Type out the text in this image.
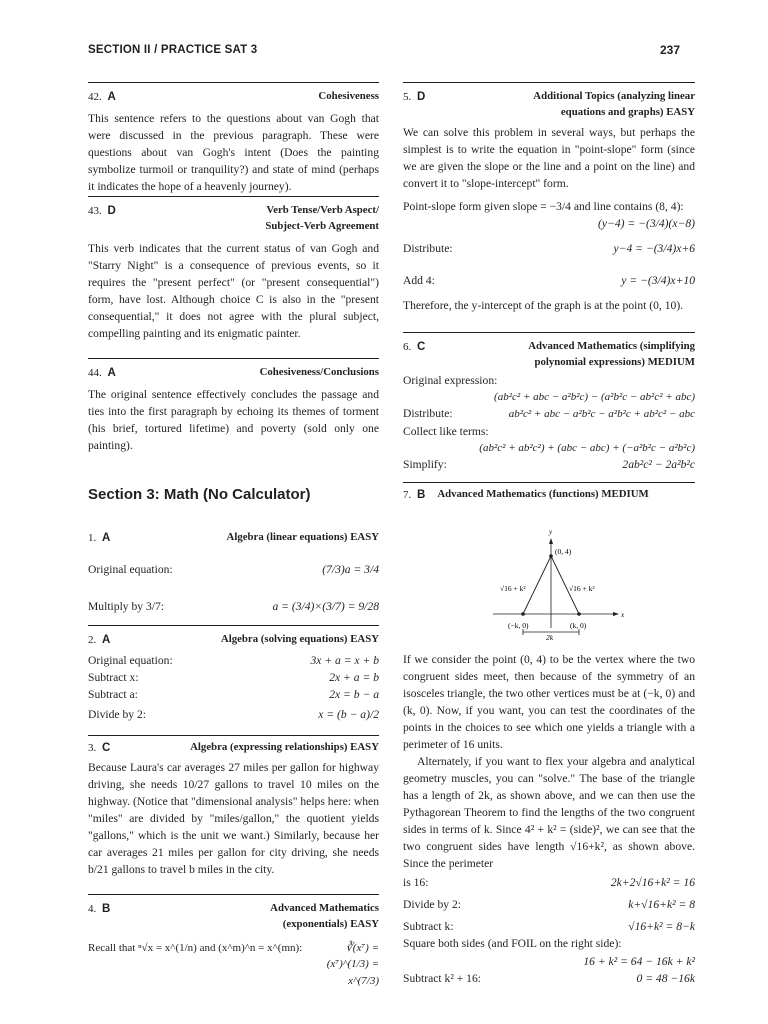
SECTION II / PRACTICE SAT 3	237
42. A	Cohesiveness
This sentence refers to the questions about van Gogh that were discussed in the previous paragraph. These were questions about van Gogh's intent (Does the painting symbolize turmoil or tranquility?) and state of mind (perhaps it indicates the hope of a heavenly journey).
43. D	Verb Tense/Verb Aspect/
Subject-Verb Agreement
This verb indicates that the current status of van Gogh and "Starry Night" is a consequence of previous events, so it requires the "present perfect" (or "present consequential") form, have lost. Although choice C is also in the "present consequential," it does not agree with the plural subject, compelling painting and its enigmatic painter.
44. A	Cohesiveness/Conclusions
The original sentence effectively concludes the passage and ties into the first paragraph by echoing its themes of torment (his brief, tortured lifetime) and poverty (sold only one painting).
Section 3: Math (No Calculator)
1. A	Algebra (linear equations) EASY
Original equation:	(7/3)a = 3/4
Multiply by 3/7:	a = (3/4)×(3/7) = 9/28
2. A	Algebra (solving equations) EASY
Original equation:	3x + a = x + b
Subtract x:	2x + a = b
Subtract a:	2x = b − a
Divide by 2:	x = (b − a)/2
3. C	Algebra (expressing relationships) EASY
Because Laura's car averages 27 miles per gallon for highway driving, she needs 10/27 gallons to travel 10 miles on the highway. (Notice that "dimensional analysis" helps here: when "miles" are divided by "miles/gallon," the quotient yields "gallons," which is the unit we want.) Similarly, because her car averages 21 miles per gallon for city driving, she needs b/21 gallons to travel b miles in the city.
4. B	Advanced Mathematics
(exponentials) EASY
Recall that ⁿ√x = x^(1/n) and (x^m)^n = x^(mn):	∛(x⁷) = (x⁷)^(1/3) = x^(7/3)
5. D	Additional Topics (analyzing linear
equations and graphs) EASY
We can solve this problem in several ways, but perhaps the simplest is to write the equation in "point-slope" form (since we are given the slope or the line and a point on the line) and convert it to "slope-intercept" form.
Point-slope form given slope = −3/4 and line contains (8, 4):
(y−4) = −(3/4)(x−8)
Distribute:	y−4 = −(3/4)x+6
Add 4:	y = −(3/4)x+10
Therefore, the y-intercept of the graph is at the point (0, 10).
6. C	Advanced Mathematics (simplifying
polynomial expressions) MEDIUM
Original expression:
(ab²c² + abc − a²b²c) − (a²b²c − ab²c² + abc)
Distribute:	ab²c² + abc − a²b²c − a²b²c + ab²c² − abc
Collect like terms:
(ab²c² + ab²c²) + (abc − abc) + (−a²b²c − a²b²c)
Simplify:	2ab²c² − 2a²b²c
7. B Advanced Mathematics (functions) MEDIUM
y
x
(0, 4)
√16 + k²	√16 + k²
(−k, 0)	(k, 0)
2k
If we consider the point (0, 4) to be the vertex where the two congruent sides meet, then because of the symmetry of an isosceles triangle, the two other vertices must be at (−k, 0) and (k, 0). Now, if you want, you can test the coordinates of the points in the choices to see which one yields a triangle with a perimeter of 16 units.
Alternately, if you want to flex your algebra and analytical geometry muscles, you can "solve." The base of the triangle has a length of 2k, as shown above, and we can then use the Pythagorean Theorem to find the lengths of the two congruent sides in terms of k. Since 4² + k² = (side)², we can see that the two congruent sides have length √16+k², as shown above. Since the perimeter
is 16:	2k+2√16+k² = 16
Divide by 2:	k+√16+k² = 8
Subtract k:	√16+k² = 8−k
Square both sides (and FOIL on the right side):
16 + k² = 64 − 16k + k²
Subtract k² + 16:	0 = 48 −16k
